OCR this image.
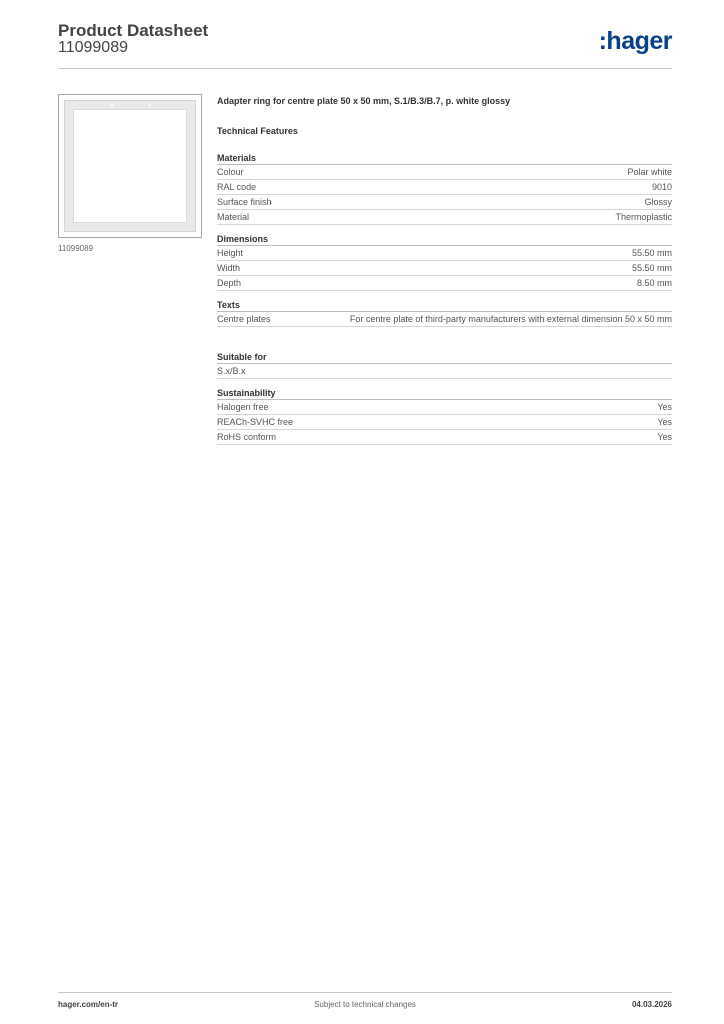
Product Datasheet
11099089	:hager
11099089
Adapter ring for centre plate 50 x 50 mm, S.1/B.3/B.7, p. white glossy
Technical Features
Materials
Colour	Polar white
RAL code	9010
Surface finish	Glossy
Material	Thermoplastic
Dimensions
Height	55.50 mm
Width	55.50 mm
Depth	8.50 mm
Texts
Centre plates	For centre plate of third-party manufacturers with external dimension 50 x 50 mm
Suitable for
S.x/B.x
Sustainability
Halogen free	Yes
REACh-SVHC free	Yes
RoHS conform	Yes
hager.com/en-tr	Subject to technical changes	04.03.2026
